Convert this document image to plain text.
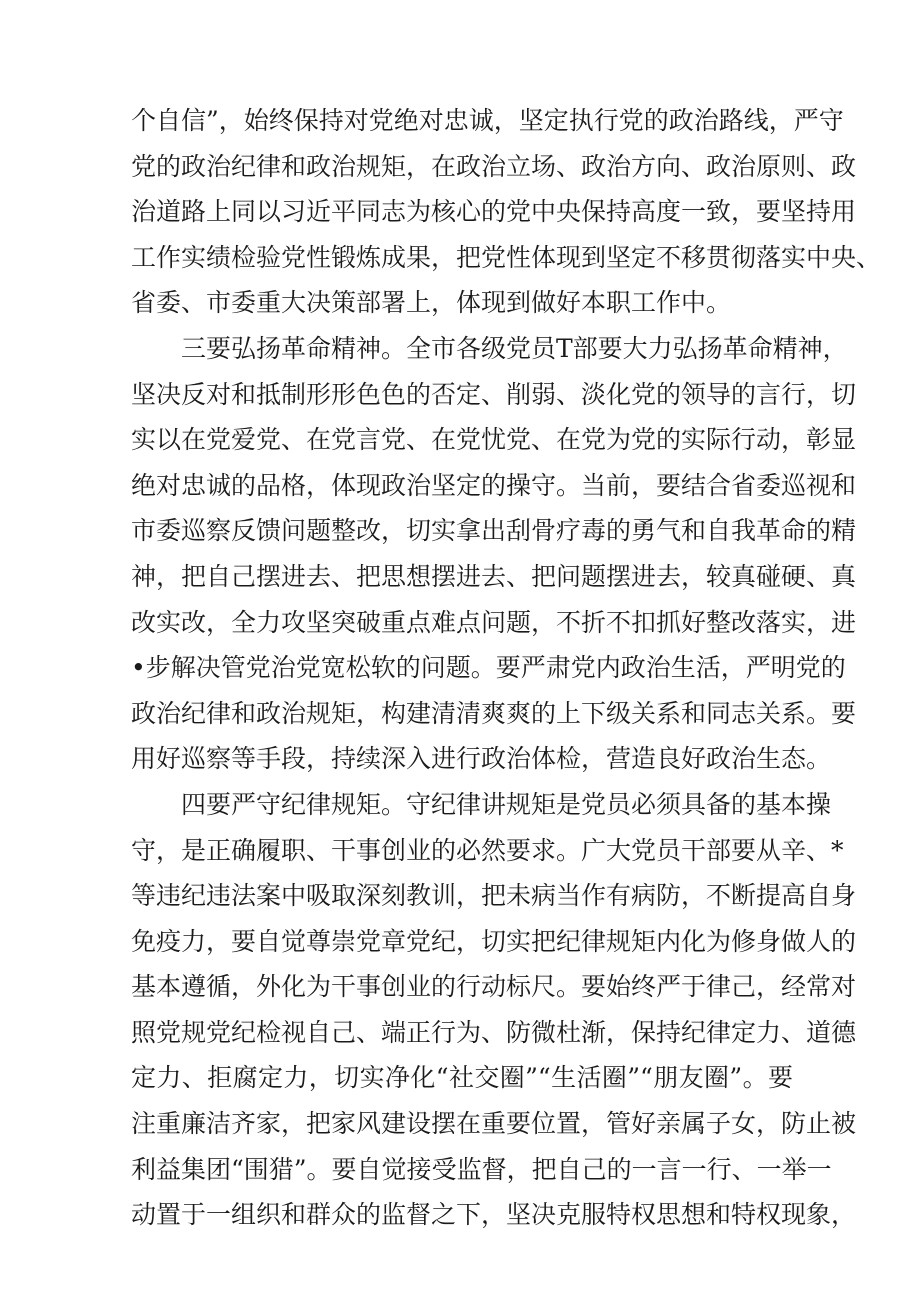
个自信”，始终保持对党绝对忠诚，坚定执行党的政治路线，严守
党的政治纪律和政治规矩，在政治立场、政治方向、政治原则、政
治道路上同以习近平同志为核心的党中央保持高度一致，要坚持用
工作实绩检验党性锻炼成果，把党性体现到坚定不移贯彻落实中央、
省委、市委重大决策部署上，体现到做好本职工作中。
三要弘扬革命精神。全市各级党员T部要大力弘扬革命精神，
坚决反对和抵制形形色色的否定、削弱、淡化党的领导的言行，切
实以在党爱党、在党言党、在党忧党、在党为党的实际行动，彰显
绝对忠诚的品格，体现政治坚定的操守。当前，要结合省委巡视和
市委巡察反馈问题整改，切实拿出刮骨疗毒的勇气和自我革命的精
神，把自己摆进去、把思想摆进去、把问题摆进去，较真碰硬、真
改实改，全力攻坚突破重点难点问题，不折不扣抓好整改落实，进
•步解决管党治党宽松软的问题。要严肃党内政治生活，严明党的
政治纪律和政治规矩，构建清清爽爽的上下级关系和同志关系。要
用好巡察等手段，持续深入进行政治体检，营造良好政治生态。
四要严守纪律规矩。守纪律讲规矩是党员必须具备的基本操
守，是正确履职、干事创业的必然要求。广大党员干部要从辛、*
等违纪违法案中吸取深刻教训，把未病当作有病防，不断提高自身
免疫力，要自觉尊崇党章党纪，切实把纪律规矩内化为修身做人的
基本遵循，外化为干事创业的行动标尺。要始终严于律己，经常对
照党规党纪检视自己、端正行为、防微杜渐，保持纪律定力、道德
定力、拒腐定力，切实净化“社交圈”“生活圈”“朋友圈”。要
注重廉洁齐家，把家风建设摆在重要位置，管好亲属子女，防止被
利益集团“围猎”。要自觉接受监督，把自己的一言一行、一举一
动置于一组织和群众的监督之下，坚决克服特权思想和特权现象，
